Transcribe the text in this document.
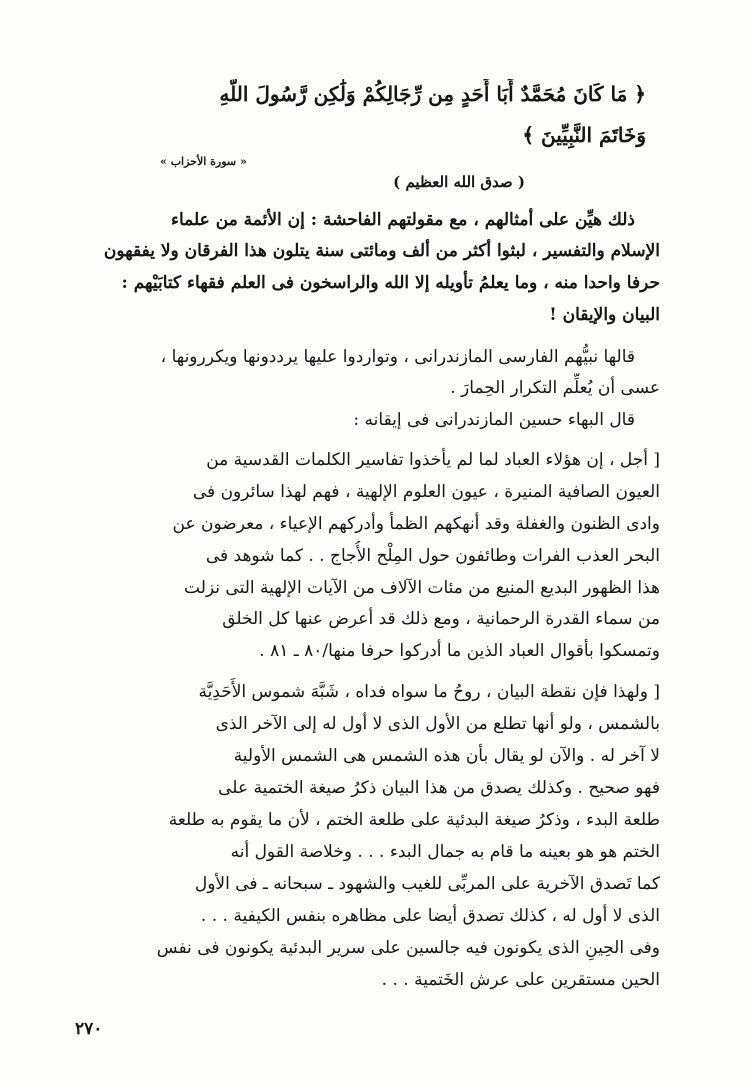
﴿ مَا كَانَ مُحَمَّدٌ أَبَا أَحَدٍ مِن رِّجَالِكُمْ وَلَٰكِن رَّسُولَ اللَّهِ
وَخَاتَمَ النَّبِيِّينَ ﴾
« سورة الأحزاب »
( صدق الله العظيم )
ذلك هيِّن على أمثالهم ، مع مقولتهم الفاحشة : إن الأئمة من علماء
الإسلام والتفسير ، لبثوا أكثر من ألف ومائتى سنة يتلون هذا الفرقان ولا يفقهون
حرفا واحدا منه ، وما يعلمُ تأويله إلا الله والراسخون فى العلم فقهاء كتابَيْهم :
البيان والإيقان !
قالها نبيُّهم الفارسى المازندرانى ، وتواردوا عليها يرددونها ويكررونها ،
عسى أن يُعلِّم التكرار الحِمارَ .
قال البهاء حسين المازندرانى فى إيقانه :
[ أجل ، إن هؤلاء العباد لما لم يأخذوا تفاسير الكلمات القدسية من
العيون الصافية المنيرة ، عيون العلوم الإلهية ، فهم لهذا سائرون فى
وادى الظنون والغفلة وقد أنهكهم الظمأ وأدركهم الإعياء ، معرضون عن
البحر العذب الفرات وطائفون حول المِلْح الأُجاج . . كما شوهد فى
هذا الظهور البديع المنيع من مئات الآلاف من الآيات الإلهية التى نزلت
من سماء القدرة الرحمانية ، ومع ذلك قد أعرض عنها كل الخلق
وتمسكوا بأقوال العباد الذين ما أدركوا حرفا منها/٨٠ ـ ٨١ .
[ ولهذا فإن نقطة البيان ، روحُ ما سواه فداه ، شَبَّهَ شموس الأَحَدِيَّة
بالشمس ، ولو أنها تطلع من الأول الذى لا أول له إلى الآخر الذى
لا آخر له . والآن لو يقال بأن هذه الشمس هى الشمس الأولية
فهو صحيح . وكذلك يصدق من هذا البيان ذكرُ صيغة الختمية على
طلعة البدء ، وذكرُ صيغة البدئية على طلعة الختم ، لأن ما يقوم به طلعة
الختم هو هو بعينه ما قام به جمال البدء . . . وخلاصة القول أنه
كما تَصدق الآخرية على المربِّى للغيب والشهود ـ سبحانه ـ فى الأول
الذى لا أول له ، كذلك تصدق أيضا على مظاهره بنفس الكيفية . . .
وفى الحِينِ الذى يكونون فيه جالسين على سرير البدئية يكونون فى نفس
الحين مستقرين على عرش الخَتمية . . .
٢٧٠
